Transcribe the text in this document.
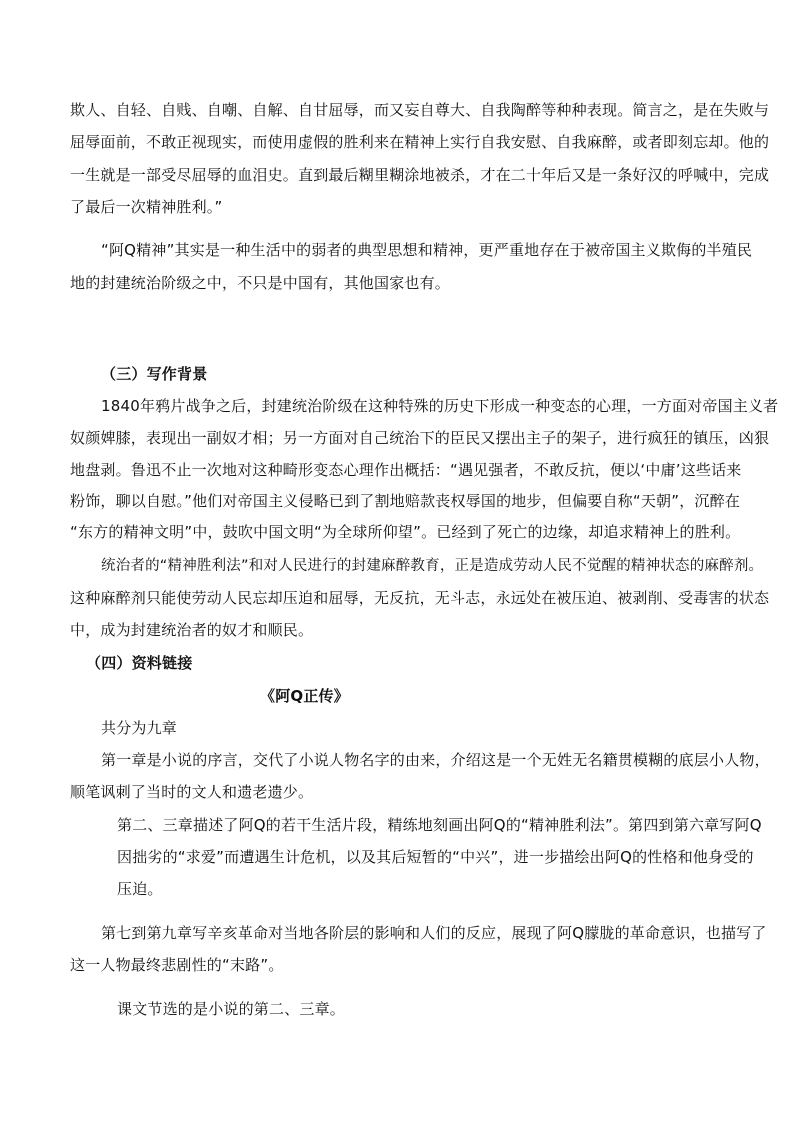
欺人、自轻、自贱、自嘲、自解、自甘屈辱，而又妄自尊大、自我陶醉等种种表现。简言之，是在失败与
屈辱面前，不敢正视现实，而使用虚假的胜利来在精神上实行自我安慰、自我麻醉，或者即刻忘却。他的
一生就是一部受尽屈辱的血泪史。直到最后糊里糊涂地被杀，才在二十年后又是一条好汉的呼喊中，完成
了最后一次精神胜利。”
“阿Q精神”其实是一种生活中的弱者的典型思想和精神，更严重地存在于被帝国主义欺侮的半殖民
地的封建统治阶级之中，不只是中国有，其他国家也有。
（三）写作背景
1840年鸦片战争之后，封建统治阶级在这种特殊的历史下形成一种变态的心理，一方面对帝国主义者
奴颜婢膝，表现出一副奴才相；另一方面对自己统治下的臣民又摆出主子的架子，进行疯狂的镇压，凶狠
地盘剥。鲁迅不止一次地对这种畸形变态心理作出概括：“遇见强者，不敢反抗，便以‘中庸’这些话来
粉饰，聊以自慰。”他们对帝国主义侵略已到了割地赔款丧权辱国的地步，但偏要自称“天朝”，沉醉在
“东方的精神文明”中，鼓吹中国文明“为全球所仰望”。已经到了死亡的边缘，却追求精神上的胜利。
统治者的“精神胜利法”和对人民进行的封建麻醉教育，正是造成劳动人民不觉醒的精神状态的麻醉剂。
这种麻醉剂只能使劳动人民忘却压迫和屈辱，无反抗，无斗志，永远处在被压迫、被剥削、受毒害的状态
中，成为封建统治者的奴才和顺民。
（四）资料链接
《阿Q正传》
共分为九章
第一章是小说的序言，交代了小说人物名字的由来，介绍这是一个无姓无名籍贯模糊的底层小人物，
顺笔讽刺了当时的文人和遗老遗少。
第二、三章描述了阿Q的若干生活片段，精练地刻画出阿Q的“精神胜利法”。第四到第六章写阿Q
因拙劣的“求爱”而遭遇生计危机，以及其后短暂的“中兴”，进一步描绘出阿Q的性格和他身受的
压迫。
第七到第九章写辛亥革命对当地各阶层的影响和人们的反应，展现了阿Q朦胧的革命意识，也描写了
这一人物最终悲剧性的“末路”。
课文节选的是小说的第二、三章。
